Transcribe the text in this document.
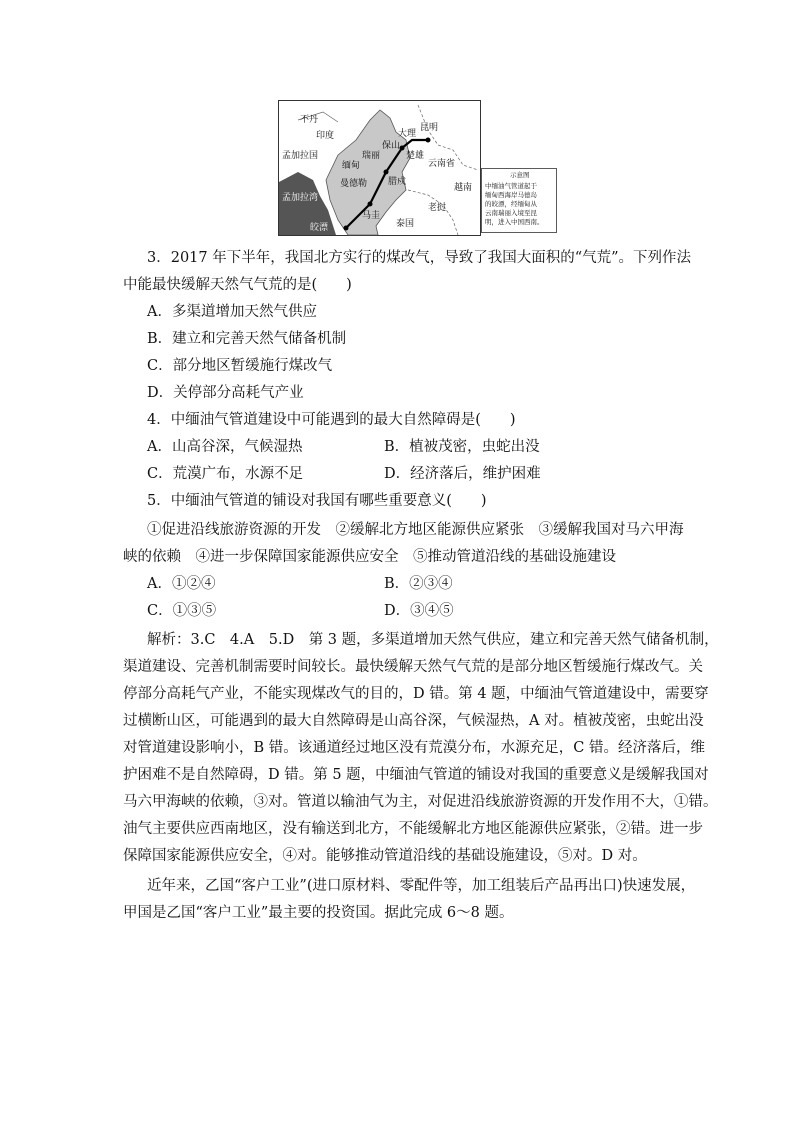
不丹
印度
孟加拉国
缅甸
曼德勒
瑞丽
保山
大理
昆明
楚雄
云南省
腊戍
马圭
皎漂
越南
老挝
泰国
孟加拉湾
示意图
中缅油气管道起于
缅甸西海岸马德岛
的皎漂，经缅甸从
云南瑞丽入境至昆
明，进入中国西南。
3．2017 年下半年，我国北方实行的煤改气，导致了我国大面积的“气荒”。下列作法
中能最快缓解天然气气荒的是(　　)
A．多渠道增加天然气供应
B．建立和完善天然气储备机制
C．部分地区暂缓施行煤改气
D．关停部分高耗气产业
4．中缅油气管道建设中可能遇到的最大自然障碍是(　　)
A．山高谷深，气候湿热	B．植被茂密，虫蛇出没
C．荒漠广布，水源不足	D．经济落后，维护困难
5．中缅油气管道的铺设对我国有哪些重要意义(　　)
①促进沿线旅游资源的开发　②缓解北方地区能源供应紧张　③缓解我国对马六甲海
峡的依赖　④进一步保障国家能源供应安全　⑤推动管道沿线的基础设施建设
A．①②④	B．②③④
C．①③⑤	D．③④⑤
解析：3.C　4.A　5.D　第 3 题，多渠道增加天然气供应，建立和完善天然气储备机制，
渠道建设、完善机制需要时间较长。最快缓解天然气气荒的是部分地区暂缓施行煤改气。关
停部分高耗气产业，不能实现煤改气的目的，D 错。第 4 题，中缅油气管道建设中，需要穿
过横断山区，可能遇到的最大自然障碍是山高谷深，气候湿热，A 对。植被茂密，虫蛇出没
对管道建设影响小，B 错。该通道经过地区没有荒漠分布，水源充足，C 错。经济落后，维
护困难不是自然障碍，D 错。第 5 题，中缅油气管道的铺设对我国的重要意义是缓解我国对
马六甲海峡的依赖，③对。管道以输油气为主，对促进沿线旅游资源的开发作用不大，①错。
油气主要供应西南地区，没有输送到北方，不能缓解北方地区能源供应紧张，②错。进一步
保障国家能源供应安全，④对。能够推动管道沿线的基础设施建设，⑤对。D 对。
近年来，乙国“客户工业”(进口原材料、零配件等，加工组装后产品再出口)快速发展，
甲国是乙国“客户工业”最主要的投资国。据此完成 6～8 题。
